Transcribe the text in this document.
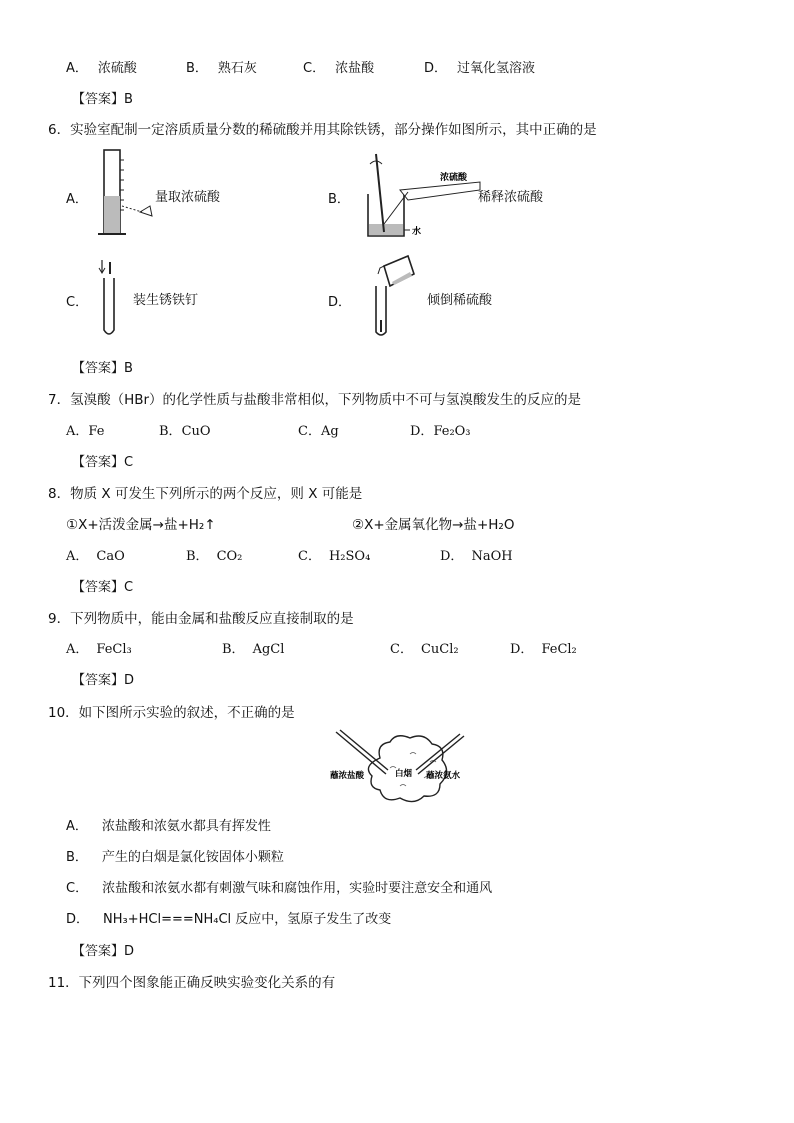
A． 浓硫酸	B． 熟石灰	C． 浓盐酸	D． 过氧化氢溶液
【答案】B
6．实验室配制一定溶质质量分数的稀硫酸并用其除铁锈，部分操作如图所示，其中正确的是
A．	量取浓硫酸	B．
浓硫酸
水
稀释浓硫酸
C．	装生锈铁钉	D．	倾倒稀硫酸
【答案】B
7．氢溴酸（HBr）的化学性质与盐酸非常相似，下列物质中不可与氢溴酸发生的反应的是
A．Fe	B．CuO	C．Ag	D．Fe₂O₃
【答案】C
8．物质 X 可发生下列所示的两个反应，则 X 可能是
①X+活泼金属→盐+H₂↑	②X+金属氧化物→盐+H₂O
A． CaO	B． CO₂	C． H₂SO₄	D． NaOH
【答案】C
9．下列物质中，能由金属和盐酸反应直接制取的是
A． FeCl₃	B． AgCl	C． CuCl₂	D． FeCl₂
【答案】D
10．如下图所示实验的叙述，不正确的是
蘸浓盐酸	白烟 蘸浓氨水
A． 浓盐酸和浓氨水都具有挥发性
B． 产生的白烟是氯化铵固体小颗粒
C． 浓盐酸和浓氨水都有刺激气味和腐蚀作用，实验时要注意安全和通风
D． NH₃+HCl===NH₄Cl 反应中，氢原子发生了改变
【答案】D
11．下列四个图象能正确反映实验变化关系的有
